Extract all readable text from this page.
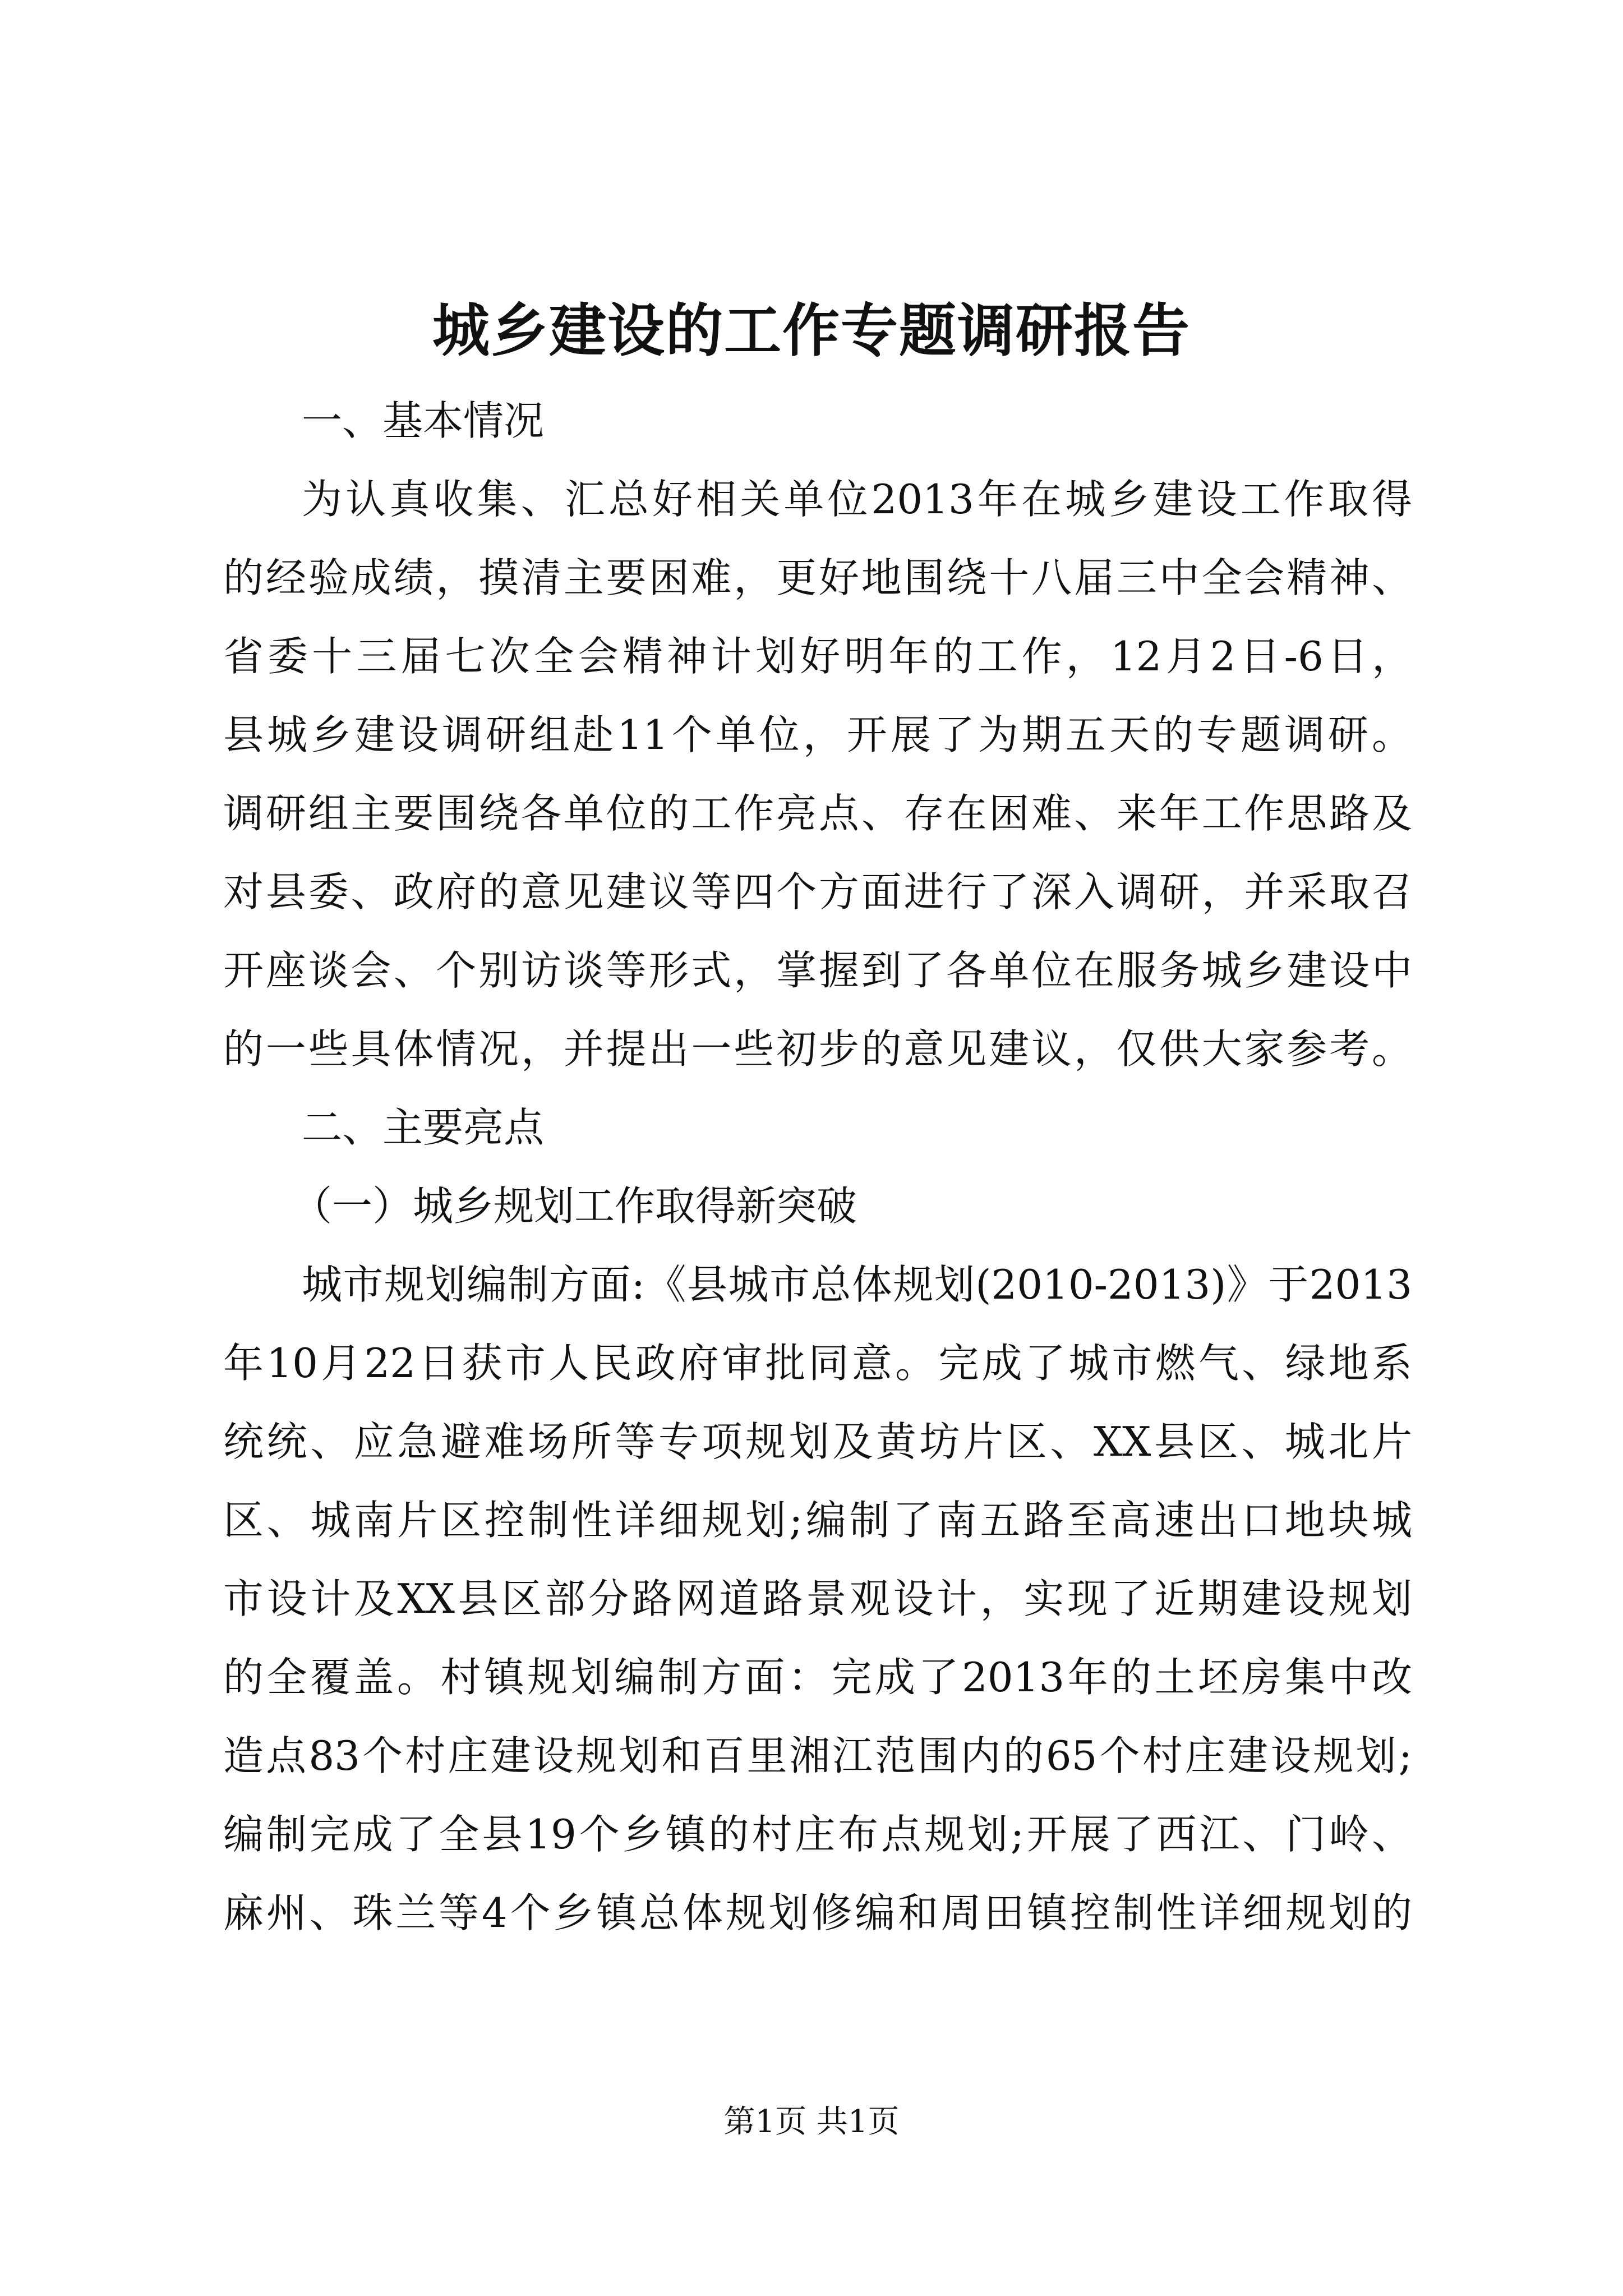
城乡建设的工作专题调研报告

一、基本情况

为认真收集、汇总好相关单位2013年在城乡建设工作取得

的经验成绩，摸清主要困难，更好地围绕十八届三中全会精神、

省委十三届七次全会精神计划好明年的工作，12月2日-6日，

县城乡建设调研组赴11个单位，开展了为期五天的专题调研。

调研组主要围绕各单位的工作亮点、存在困难、来年工作思路及

对县委、政府的意见建议等四个方面进行了深入调研，并采取召

开座谈会、个别访谈等形式，掌握到了各单位在服务城乡建设中

的一些具体情况，并提出一些初步的意见建议，仅供大家参考。

二、主要亮点

（一）城乡规划工作取得新突破

城市规划编制方面:《县城市总体规划(2010-2013)》于2013

年10月22日获市人民政府审批同意。完成了城市燃气、绿地系

统统、应急避难场所等专项规划及黄坊片区、XX县区、城北片

区、城南片区控制性详细规划;编制了南五路至高速出口地块城

市设计及XX县区部分路网道路景观设计，实现了近期建设规划

的全覆盖。村镇规划编制方面：完成了2013年的土坯房集中改

造点83个村庄建设规划和百里湘江范围内的65个村庄建设规划;

编制完成了全县19个乡镇的村庄布点规划;开展了西江、门岭、

麻州、珠兰等4个乡镇总体规划修编和周田镇控制性详细规划的

第1页 共1页
